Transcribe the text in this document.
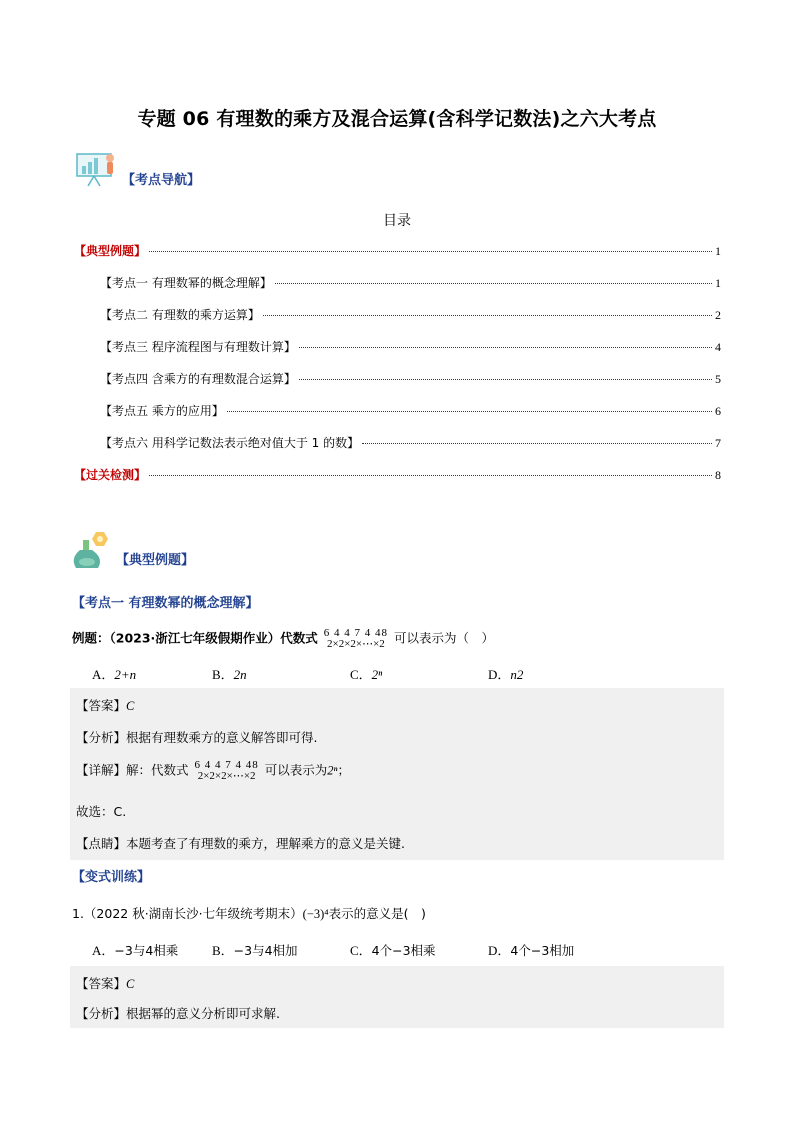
专题 06 有理数的乘方及混合运算(含科学记数法)之六大考点
【考点导航】
目录
【典型例题】	1
【考点一 有理数幂的概念理解】	1
【考点二 有理数的乘方运算】	2
【考点三 程序流程图与有理数计算】	4
【考点四 含乘方的有理数混合运算】	5
【考点五 乘方的应用】	6
【考点六 用科学记数法表示绝对值大于 1 的数】	7
【过关检测】	8
【典型例题】
【考点一 有理数幂的概念理解】
例题：（2023·浙江七年级假期作业）代数式 6 4 4 7 4 48
2×2×2×⋯×2 可以表示为（　）
A．2+n	B．2n	C．2ⁿ	D．n2
【答案】C
【分析】根据有理数乘方的意义解答即可得.
【详解】解：代数式 6 4 4 7 4 48
2×2×2×⋯×2 可以表示为2ⁿ；
故选：C.
【点睛】本题考查了有理数的乘方，理解乘方的意义是关键.
【变式训练】
1.（2022 秋·湖南长沙·七年级统考期末）(−3)⁴表示的意义是(　)
A．−3与4相乘	B．−3与4相加	C．4个−3相乘	D．4个−3相加
【答案】C
【分析】根据幂的意义分析即可求解.
